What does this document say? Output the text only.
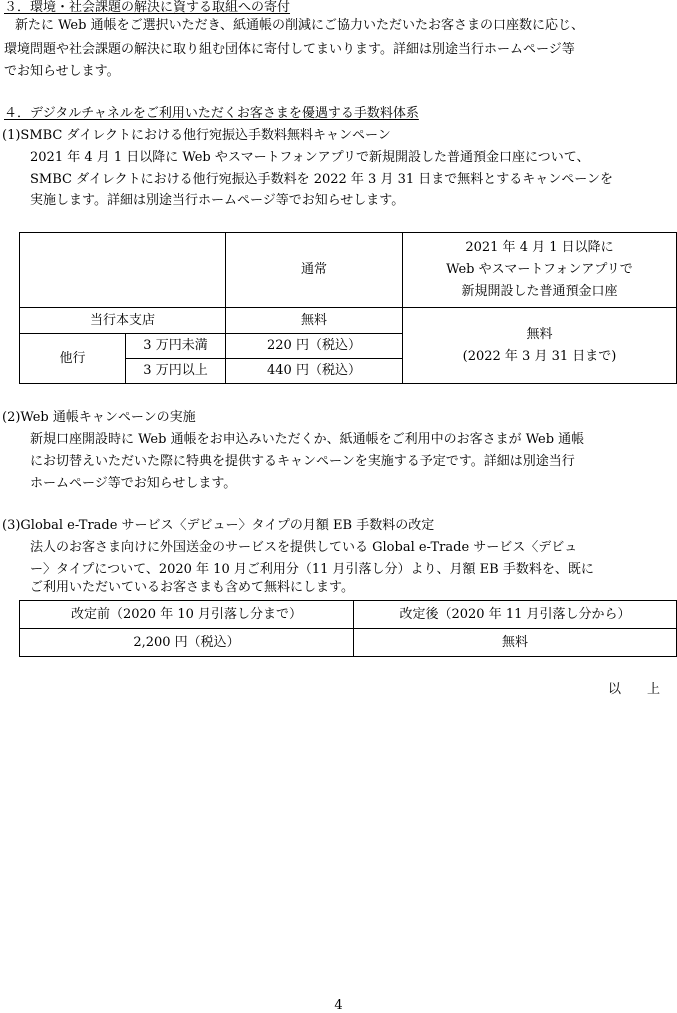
３．環境・社会課題の解決に資する取組への寄付
新たに Web 通帳をご選択いただき、紙通帳の削減にご協力いただいたお客さまの口座数に応じ、
環境問題や社会課題の解決に取り組む団体に寄付してまいります。詳細は別途当行ホームページ等
でお知らせします。
４．デジタルチャネルをご利用いただくお客さまを優遇する手数料体系
(1)SMBC ダイレクトにおける他行宛振込手数料無料キャンペーン
2021 年 4 月 1 日以降に Web やスマートフォンアプリで新規開設した普通預金口座について、
SMBC ダイレクトにおける他行宛振込手数料を 2022 年 3 月 31 日まで無料とするキャンペーンを
実施します。詳細は別途当行ホームページ等でお知らせします。
		通常	2021 年 4 月 1 日以降に
Web やスマートフォンアプリで
新規開設した普通預金口座

当行本支店		無料	無料
(2022 年 3 月 31 日まで)

他行	3 万円未満	220 円（税込）	
	3 万円以上	440 円（税込）	
(2)Web 通帳キャンペーンの実施
新規口座開設時に Web 通帳をお申込みいただくか、紙通帳をご利用中のお客さまが Web 通帳
にお切替えいただいた際に特典を提供するキャンペーンを実施する予定です。詳細は別途当行
ホームページ等でお知らせします。
(3)Global e-Trade サービス〈デビュー〉タイプの月額 EB 手数料の改定
法人のお客さま向けに外国送金のサービスを提供している Global e-Trade サービス〈デビュ
ー〉タイプについて、2020 年 10 月ご利用分（11 月引落し分）より、月額 EB 手数料を、既に
ご利用いただいているお客さまも含めて無料にします。
改定前（2020 年 10 月引落し分まで）	改定後（2020 年 11 月引落し分から）
2,200 円（税込）	無料
以　　上
4
